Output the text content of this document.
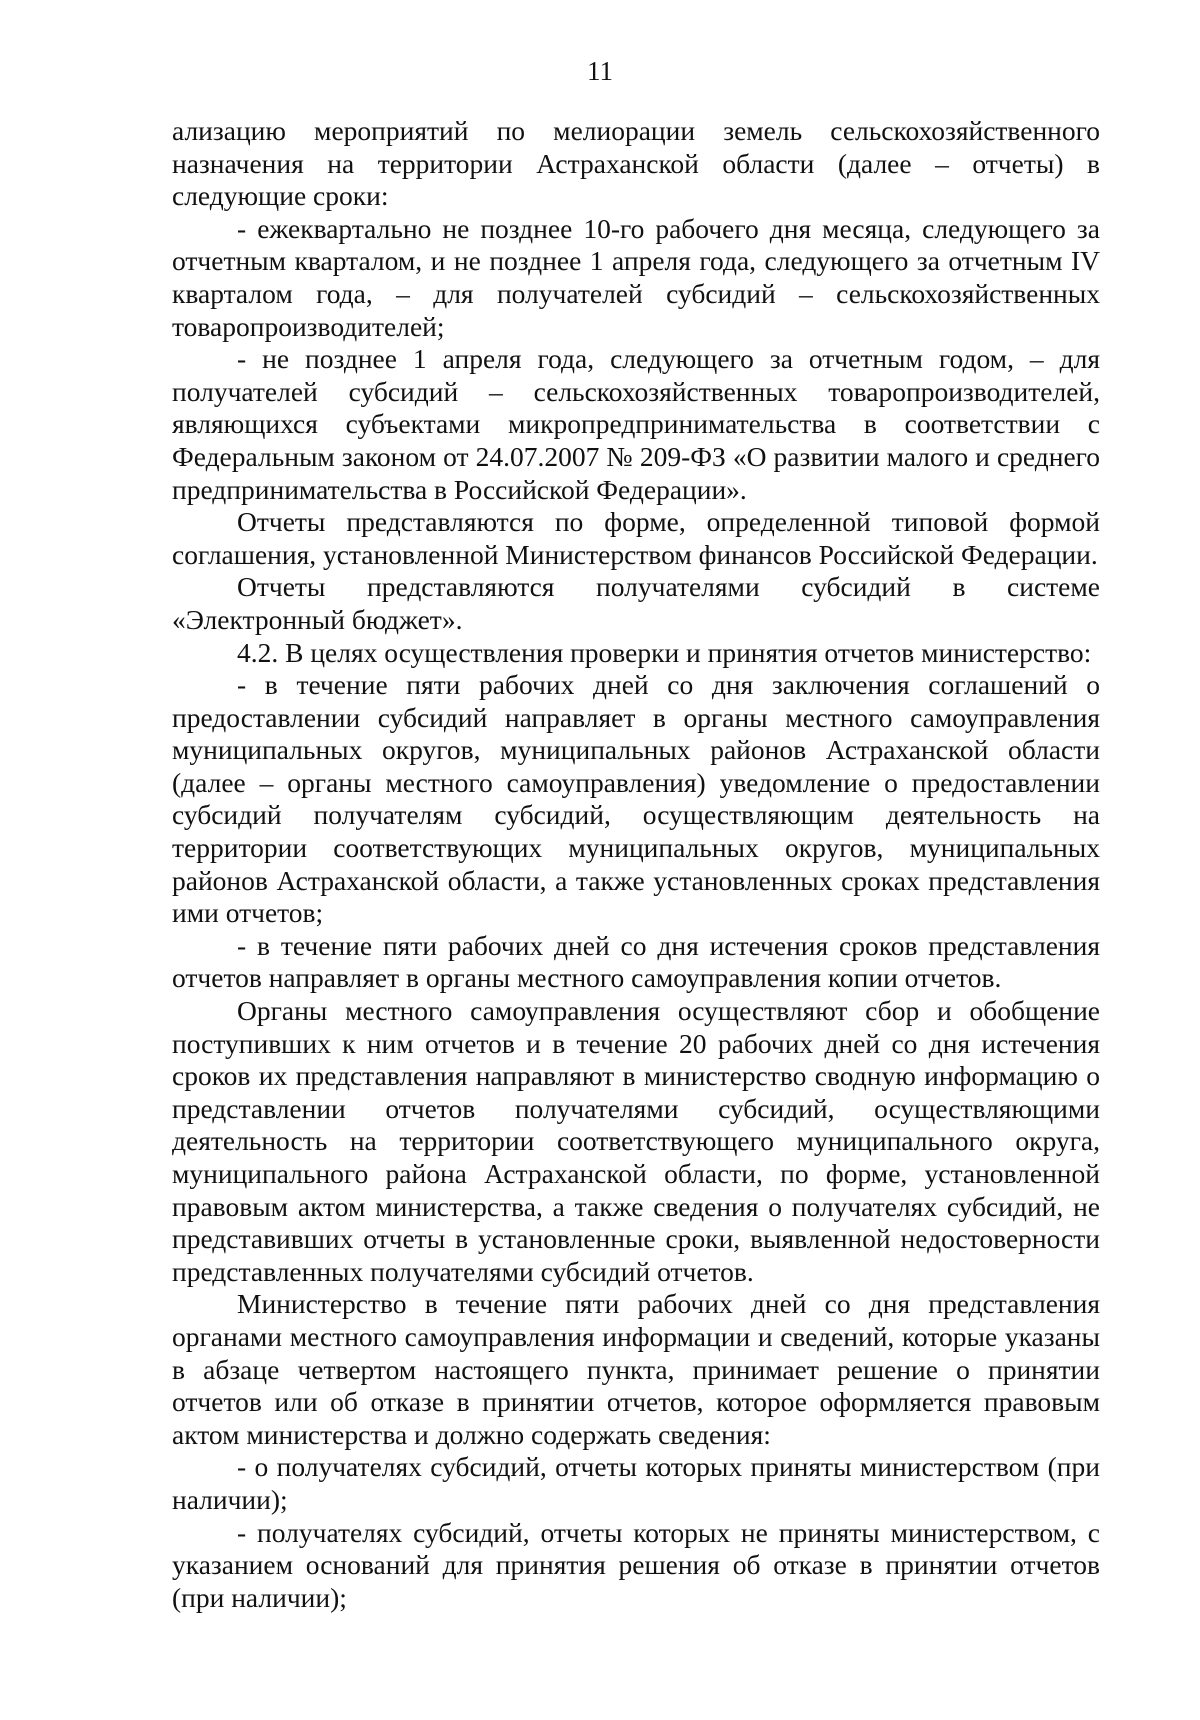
11

ализацию мероприятий по мелиорации земель сельскохозяйственного назначения на территории Астраханской области (далее – отчеты) в следующие сроки:

- ежеквартально не позднее 10-го рабочего дня месяца, следующего за отчетным кварталом, и не позднее 1 апреля года, следующего за отчетным IV кварталом года, – для получателей субсидий – сельскохозяйственных товаропроизводителей;

- не позднее 1 апреля года, следующего за отчетным годом, – для получателей субсидий – сельскохозяйственных товаропроизводителей, являющихся субъектами микропредпринимательства в соответствии с Федеральным законом от 24.07.2007 № 209-ФЗ «О развитии малого и среднего предпринимательства в Российской Федерации».

Отчеты представляются по форме, определенной типовой формой соглашения, установленной Министерством финансов Российской Федерации.

Отчеты представляются получателями субсидий в системе «Электронный бюджет».

4.2. В целях осуществления проверки и принятия отчетов министерство:

- в течение пяти рабочих дней со дня заключения соглашений о предоставлении субсидий направляет в органы местного самоуправления муниципальных округов, муниципальных районов Астраханской области (далее – органы местного самоуправления) уведомление о предоставлении субсидий получателям субсидий, осуществляющим деятельность на территории соответствующих муниципальных округов, муниципальных районов Астраханской области, а также установленных сроках представления ими отчетов;

- в течение пяти рабочих дней со дня истечения сроков представления отчетов направляет в органы местного самоуправления копии отчетов.

Органы местного самоуправления осуществляют сбор и обобщение поступивших к ним отчетов и в течение 20 рабочих дней со дня истечения сроков их представления направляют в министерство сводную информацию о представлении отчетов получателями субсидий, осуществляющими деятельность на территории соответствующего муниципального округа, муниципального района Астраханской области, по форме, установленной правовым актом министерства, а также сведения о получателях субсидий, не представивших отчеты в установленные сроки, выявленной недостоверности представленных получателями субсидий отчетов.

Министерство в течение пяти рабочих дней со дня представления органами местного самоуправления информации и сведений, которые указаны в абзаце четвертом настоящего пункта, принимает решение о принятии отчетов или об отказе в принятии отчетов, которое оформляется правовым актом министерства и должно содержать сведения:

- о получателях субсидий, отчеты которых приняты министерством (при наличии);

- получателях субсидий, отчеты которых не приняты министерством, с указанием оснований для принятия решения об отказе в принятии отчетов (при наличии);
